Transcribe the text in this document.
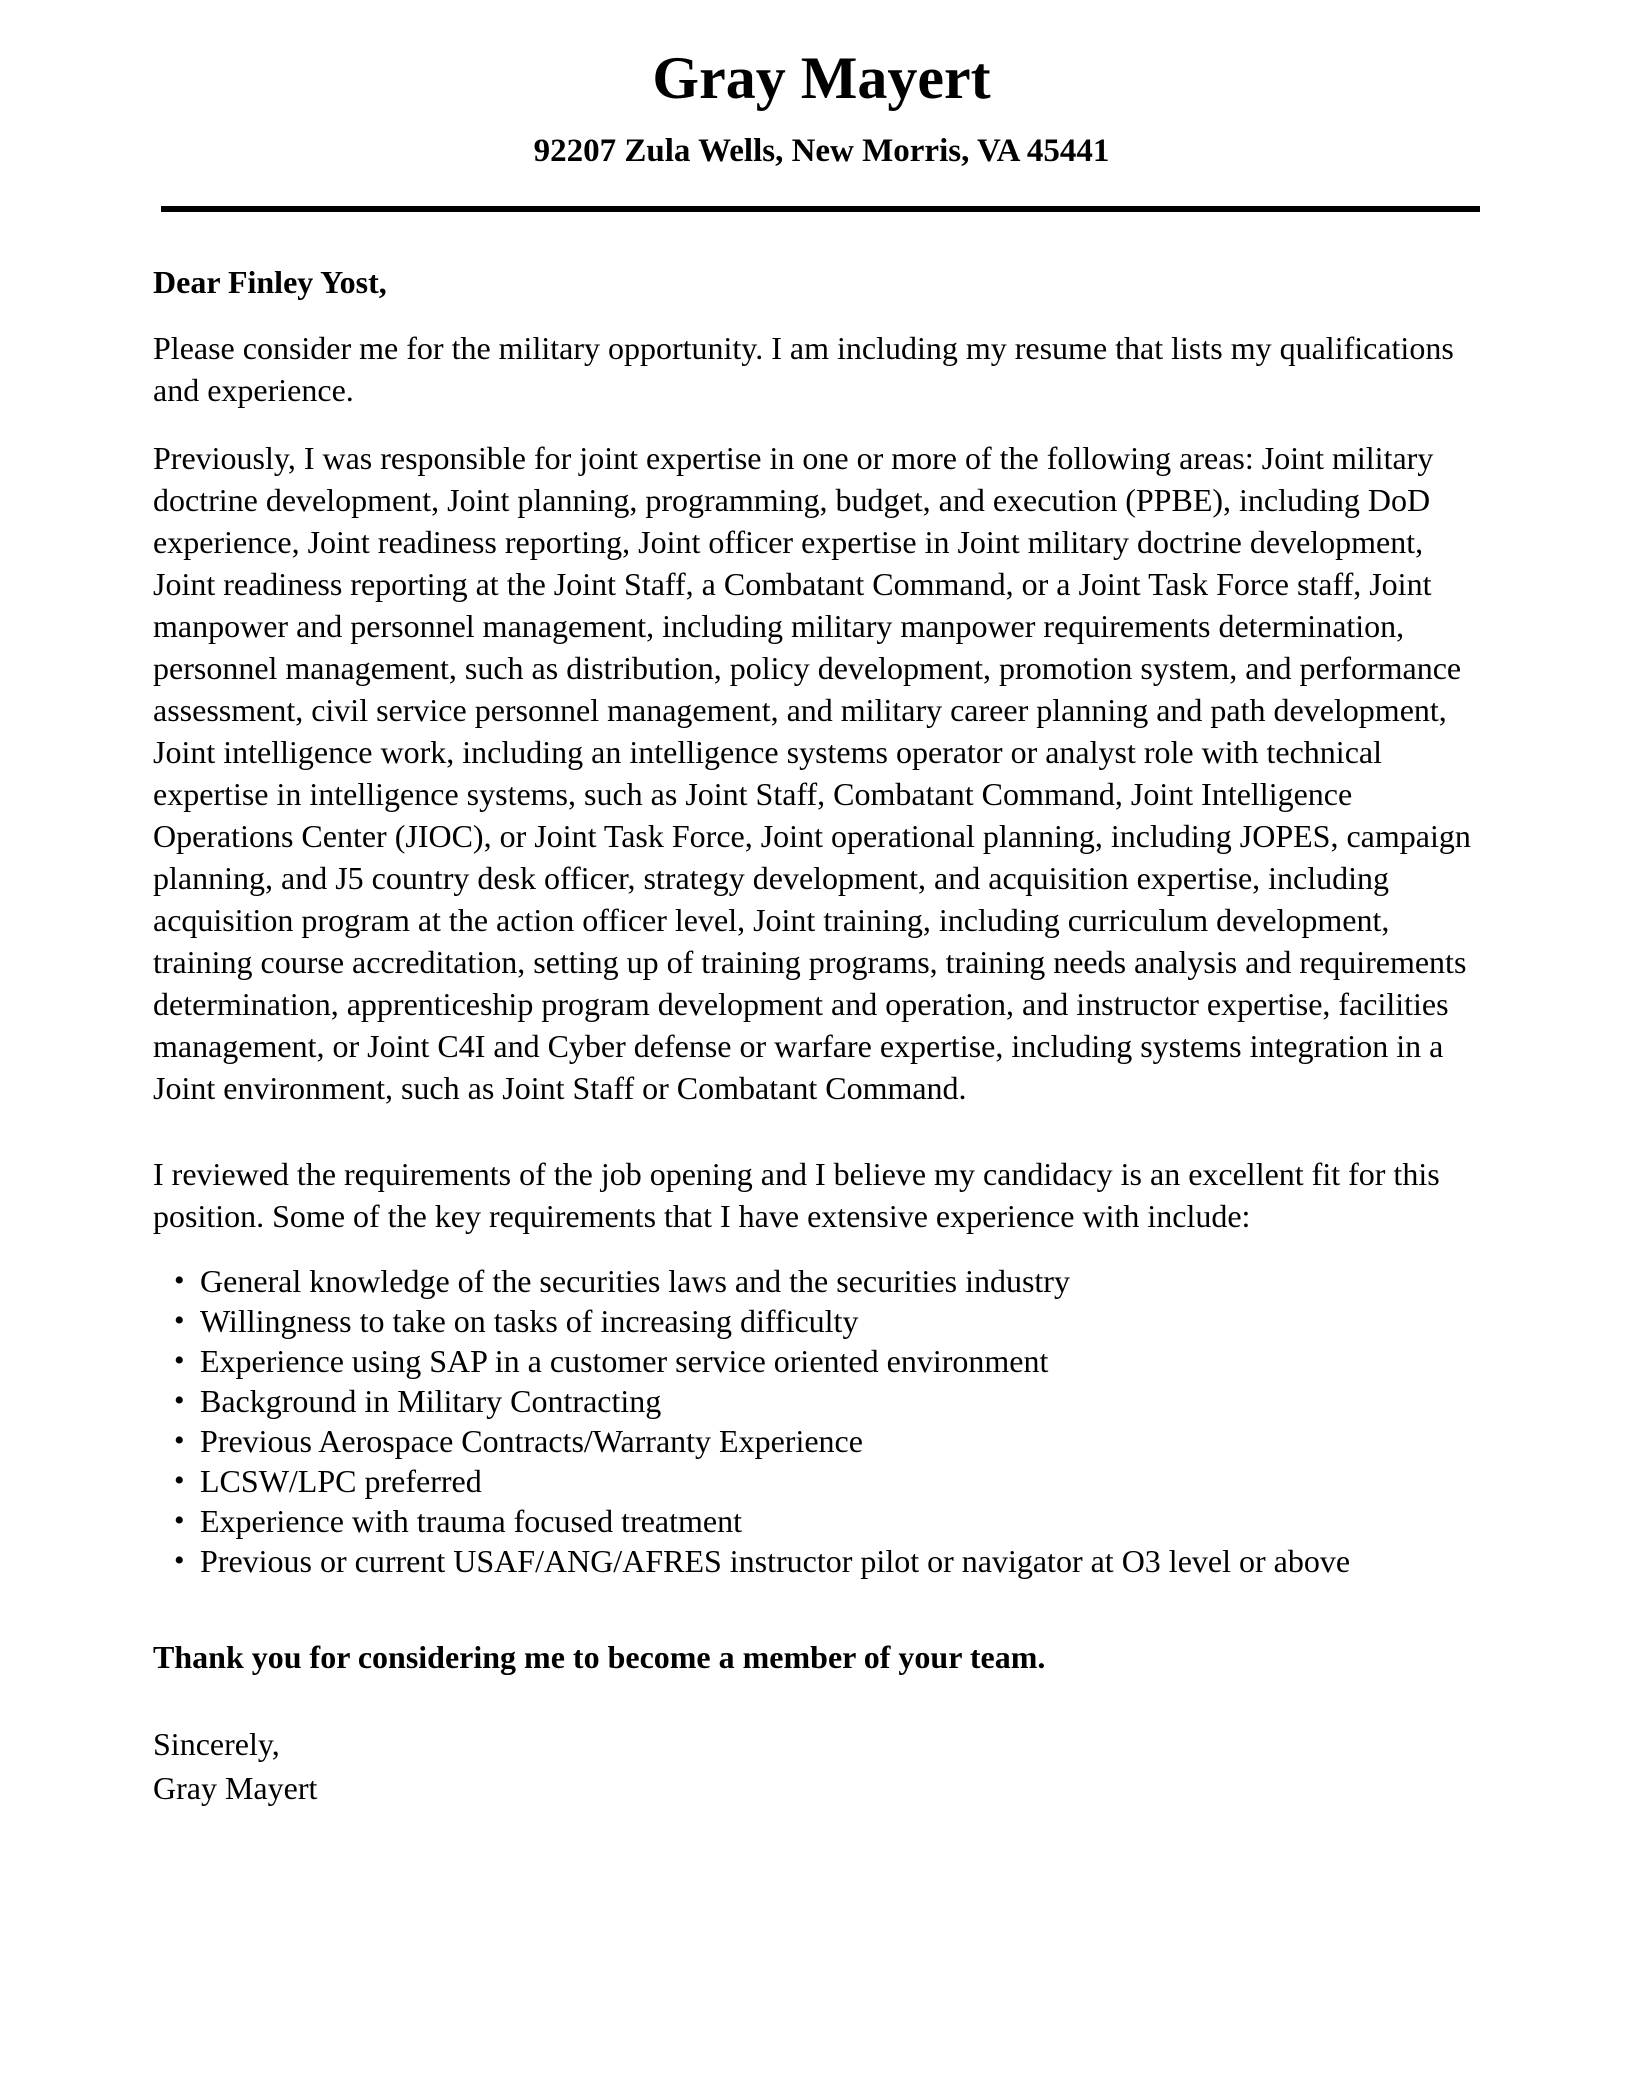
Gray Mayert
92207 Zula Wells, New Morris, VA 45441
Dear Finley Yost,

Please consider me for the military opportunity. I am including my resume that lists my qualifications and experience.

Previously, I was responsible for joint expertise in one or more of the following areas: Joint military doctrine development, Joint planning, programming, budget, and execution (PPBE), including DoD experience, Joint readiness reporting, Joint officer expertise in Joint military doctrine development, Joint readiness reporting at the Joint Staff, a Combatant Command, or a Joint Task Force staff, Joint manpower and personnel management, including military manpower requirements determination, personnel management, such as distribution, policy development, promotion system, and performance assessment, civil service personnel management, and military career planning and path development, Joint intelligence work, including an intelligence systems operator or analyst role with technical expertise in intelligence systems, such as Joint Staff, Combatant Command, Joint Intelligence Operations Center (JIOC), or Joint Task Force, Joint operational planning, including JOPES, campaign planning, and J5 country desk officer, strategy development, and acquisition expertise, including acquisition program at the action officer level, Joint training, including curriculum development, training course accreditation, setting up of training programs, training needs analysis and requirements determination, apprenticeship program development and operation, and instructor expertise, facilities management, or Joint C4I and Cyber defense or warfare expertise, including systems integration in a Joint environment, such as Joint Staff or Combatant Command.

I reviewed the requirements of the job opening and I believe my candidacy is an excellent fit for this position. Some of the key requirements that I have extensive experience with include:

• General knowledge of the securities laws and the securities industry
• Willingness to take on tasks of increasing difficulty
• Experience using SAP in a customer service oriented environment
• Background in Military Contracting
• Previous Aerospace Contracts/Warranty Experience
• LCSW/LPC preferred
• Experience with trauma focused treatment
• Previous or current USAF/ANG/AFRES instructor pilot or navigator at O3 level or above
Thank you for considering me to become a member of your team.
Sincerely,
Gray Mayert
